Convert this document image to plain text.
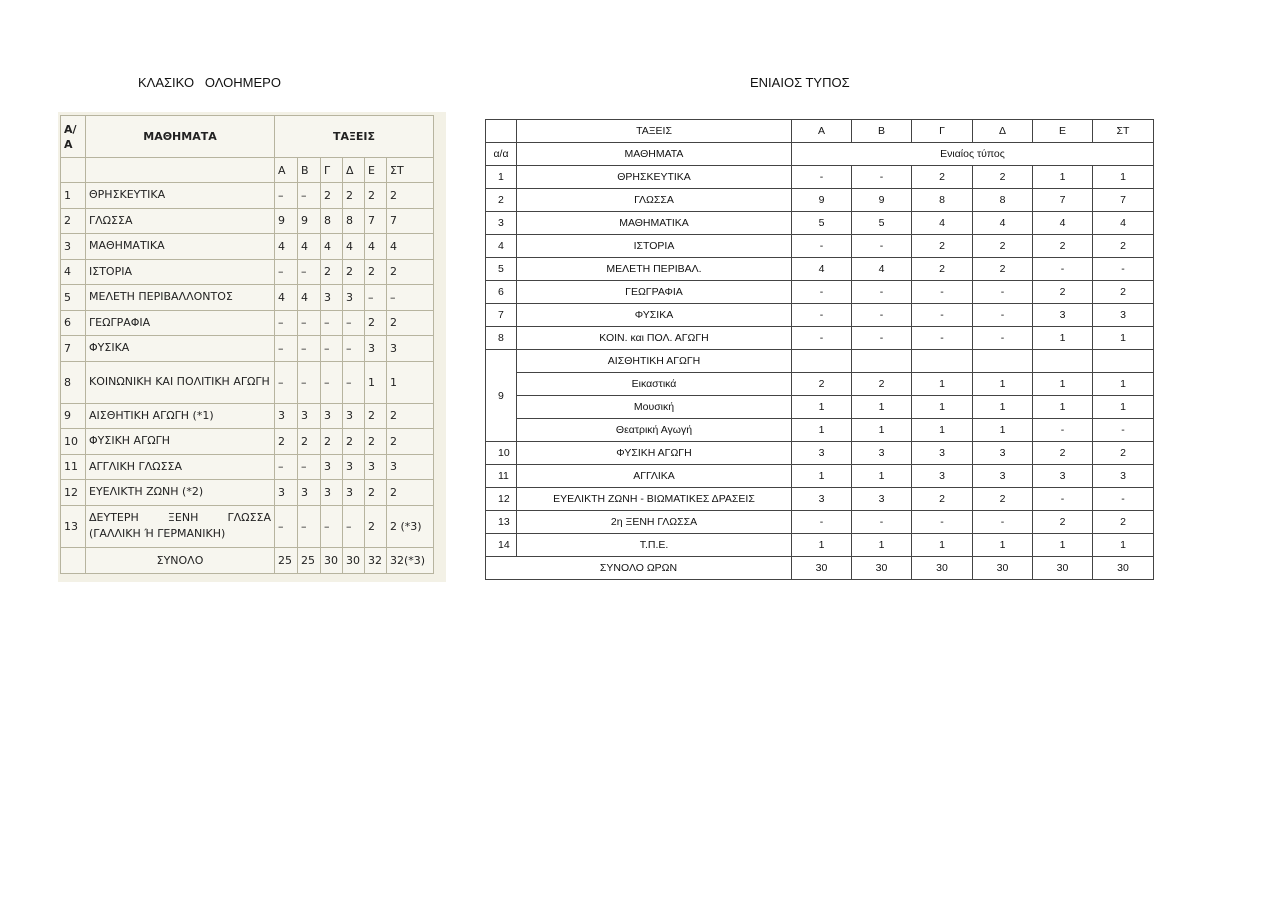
ΚΛΑΣΙΚΟ   ΟΛΟΗΜΕΡΟ	ΕΝΙΑΙΟΣ ΤΥΠΟΣ
Α/
Α	ΜΑΘΗΜΑΤΑ	ΤΑΞΕΙΣ					
		Α	Β	Γ	Δ	Ε	ΣΤ
1	ΘΡΗΣΚΕΥΤΙΚΑ	–	–	2	2	2	2
2	ΓΛΩΣΣΑ	9	9	8	8	7	7
3	ΜΑΘΗΜΑΤΙΚΑ	4	4	4	4	4	4
4	ΙΣΤΟΡΙΑ	–	–	2	2	2	2
5	ΜΕΛΕΤΗ ΠΕΡΙΒΑΛΛΟΝΤΟΣ	4	4	3	3	–	–
6	ΓΕΩΓΡΑΦΙΑ	–	–	–	–	2	2
7	ΦΥΣΙΚΑ	–	–	–	–	3	3
8	ΚΟΙΝΩΝΙΚΗ ΚΑΙ ΠΟΛΙΤΙΚΗ ΑΓΩΓΗ	–	–	–	–	1	1
9	ΑΙΣΘΗΤΙΚΗ ΑΓΩΓΗ (*1)	3	3	3	3	2	2
10	ΦΥΣΙΚΗ ΑΓΩΓΗ	2	2	2	2	2	2
11	ΑΓΓΛΙΚΗ ΓΛΩΣΣΑ	–	–	3	3	3	3
12	ΕΥΕΛΙΚΤΗ ΖΩΝΗ (*2)	3	3	3	3	2	2
13	ΔΕΥΤΕΡΗ ΞΕΝΗ ΓΛΩΣΣΑ (ΓΑΛΛΙΚΗ Ή ΓΕΡΜΑΝΙΚΗ)	–	–	–	–	2	2 (*3)
	ΣΥΝΟΛΟ	25	25	30	30	32	32(*3)
	ΤΑΞΕΙΣ	Α	Β	Γ	Δ	Ε	ΣΤ
α/α	ΜΑΘΗΜΑΤΑ	Ενιαίος τύπος					
1	ΘΡΗΣΚΕΥΤΙΚΑ	-	-	2	2	1	1
2	ΓΛΩΣΣΑ	9	9	8	8	7	7
3	ΜΑΘΗΜΑΤΙΚΑ	5	5	4	4	4	4
4	ΙΣΤΟΡΙΑ	-	-	2	2	2	2
5	ΜΕΛΕΤΗ ΠΕΡΙΒΑΛ.	4	4	2	2	-	-
6	ΓΕΩΓΡΑΦΙΑ	-	-	-	-	2	2
7	ΦΥΣΙΚΑ	-	-	-	-	3	3
8	ΚΟΙΝ. και ΠΟΛ. ΑΓΩΓΗ	-	-	-	-	1	1
9	ΑΙΣΘΗΤΙΚΗ ΑΓΩΓΗ						
	Εικαστικά	2	2	1	1	1	1
	Μουσική	1	1	1	1	1	1
	Θεατρική Αγωγή	1	1	1	1	-	-
10	ΦΥΣΙΚΗ ΑΓΩΓΗ	3	3	3	3	2	2
11	ΑΓΓΛΙΚΑ	1	1	3	3	3	3
12	ΕΥΕΛΙΚΤΗ ΖΩΝΗ - ΒΙΩΜΑΤΙΚΕΣ ΔΡΑΣΕΙΣ	3	3	2	2	-	-
13	2η ΞΕΝΗ ΓΛΩΣΣΑ	-	-	-	-	2	2
14	Τ.Π.Ε.	1	1	1	1	1	1
ΣΥΝΟΛΟ ΩΡΩΝ		30	30	30	30	30	30
